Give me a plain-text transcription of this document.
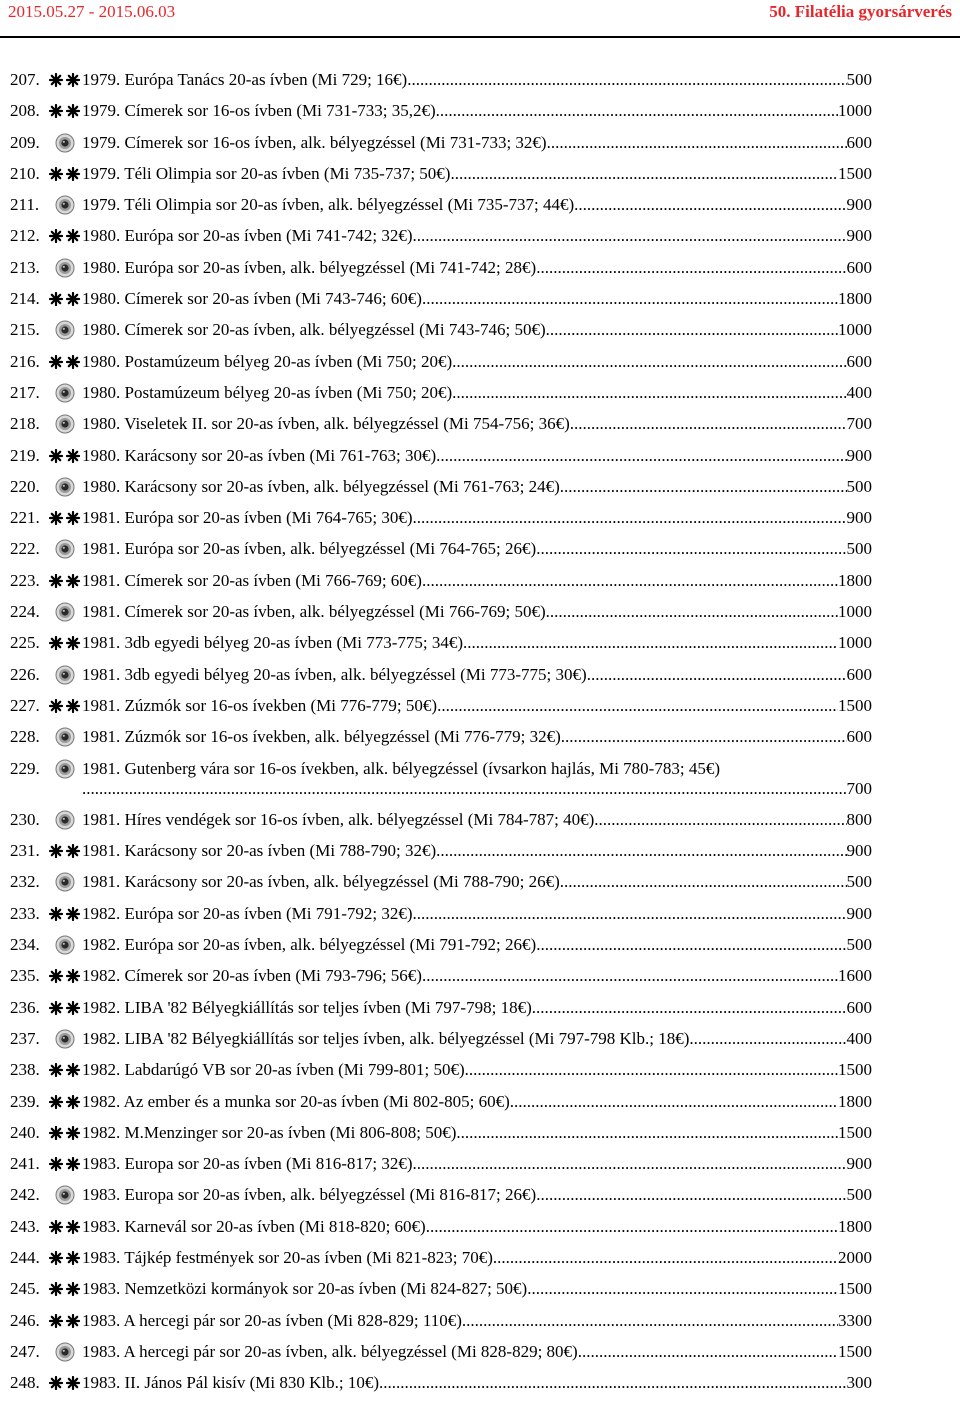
2015.05.27 - 2015.06.03	50. Filatélia gyorsárverés
207.	1979. Európa Tanács 20-as ívben (Mi 729; 16€) .....	500
208.	1979. Címerek sor 16-os ívben (Mi 731-733; 35,2€) .....	1000
209.	1979. Címerek sor 16-os ívben, alk. bélyegzéssel (Mi 731-733; 32€) .....	600
210.	1979. Téli Olimpia sor 20-as ívben (Mi 735-737; 50€) .....	1500
211.	1979. Téli Olimpia sor 20-as ívben, alk. bélyegzéssel (Mi 735-737; 44€) .....	900
212.	1980. Európa sor 20-as ívben (Mi 741-742; 32€) .....	900
213.	1980. Európa sor 20-as ívben, alk. bélyegzéssel (Mi 741-742; 28€) .....	600
214.	1980. Címerek sor 20-as ívben (Mi 743-746; 60€) .....	1800
215.	1980. Címerek sor 20-as ívben, alk. bélyegzéssel (Mi 743-746; 50€) .....	1000
216.	1980. Postamúzeum bélyeg 20-as ívben (Mi 750; 20€) .....	600
217.	1980. Postamúzeum bélyeg 20-as ívben (Mi 750; 20€) .....	400
218.	1980. Viseletek II. sor 20-as ívben, alk. bélyegzéssel (Mi 754-756; 36€) .....	700
219.	1980. Karácsony sor 20-as ívben (Mi 761-763; 30€) .....	900
220.	1980. Karácsony sor 20-as ívben, alk. bélyegzéssel (Mi 761-763; 24€) .....	500
221.	1981. Európa sor 20-as ívben (Mi 764-765; 30€) .....	900
222.	1981. Európa sor 20-as ívben, alk. bélyegzéssel (Mi 764-765; 26€) .....	500
223.	1981. Címerek sor 20-as ívben (Mi 766-769; 60€) .....	1800
224.	1981. Címerek sor 20-as ívben, alk. bélyegzéssel (Mi 766-769; 50€) .....	1000
225.	1981. 3db egyedi bélyeg 20-as ívben (Mi 773-775; 34€) .....	1000
226.	1981. 3db egyedi bélyeg 20-as ívben, alk. bélyegzéssel (Mi 773-775; 30€) .....	600
227.	1981. Zúzmók sor 16-os ívekben (Mi 776-779; 50€) .....	1500
228.	1981. Zúzmók sor 16-os ívekben, alk. bélyegzéssel (Mi 776-779; 32€) .....	600
229.	1981. Gutenberg vára sor 16-os ívekben, alk. bélyegzéssel (ívsarkon hajlás, Mi 780-783; 45€)
.... .....	700
230.	1981. Híres vendégek sor 16-os ívben, alk. bélyegzéssel (Mi 784-787; 40€) .....	800
231.	1981. Karácsony sor 20-as ívben (Mi 788-790; 32€) .....	900
232.	1981. Karácsony sor 20-as ívben, alk. bélyegzéssel (Mi 788-790; 26€) .....	500
233.	1982. Európa sor 20-as ívben (Mi 791-792; 32€) .....	900
234.	1982. Európa sor 20-as ívben, alk. bélyegzéssel (Mi 791-792; 26€) .....	500
235.	1982. Címerek sor 20-as ívben (Mi 793-796; 56€) .....	1600
236.	1982. LIBA '82 Bélyegkiállítás sor teljes ívben (Mi 797-798; 18€) .....	600
237.	1982. LIBA '82 Bélyegkiállítás sor teljes ívben, alk. bélyegzéssel (Mi 797-798 Klb.; 18€) .....	400
238.	1982. Labdarúgó VB sor 20-as ívben (Mi 799-801; 50€) .....	1500
239.	1982. Az ember és a munka sor 20-as ívben (Mi 802-805; 60€) .....	1800
240.	1982. M.Menzinger sor 20-as ívben (Mi 806-808; 50€) .....	1500
241.	1983. Europa sor 20-as ívben (Mi 816-817; 32€) .....	900
242.	1983. Europa sor 20-as ívben, alk. bélyegzéssel (Mi 816-817; 26€) .....	500
243.	1983. Karnevál sor 20-as ívben (Mi 818-820; 60€) .....	1800
244.	1983. Tájkép festmények sor 20-as ívben (Mi 821-823; 70€) .....	2000
245.	1983. Nemzetközi kormányok sor 20-as ívben (Mi 824-827; 50€) .....	1500
246.	1983. A hercegi pár sor 20-as ívben (Mi 828-829; 110€) .....	3300
247.	1983. A hercegi pár sor 20-as ívben, alk. bélyegzéssel (Mi 828-829; 80€) .....	1500
248.	1983. II. János Pál kisív (Mi 830 Klb.; 10€) .....	300
